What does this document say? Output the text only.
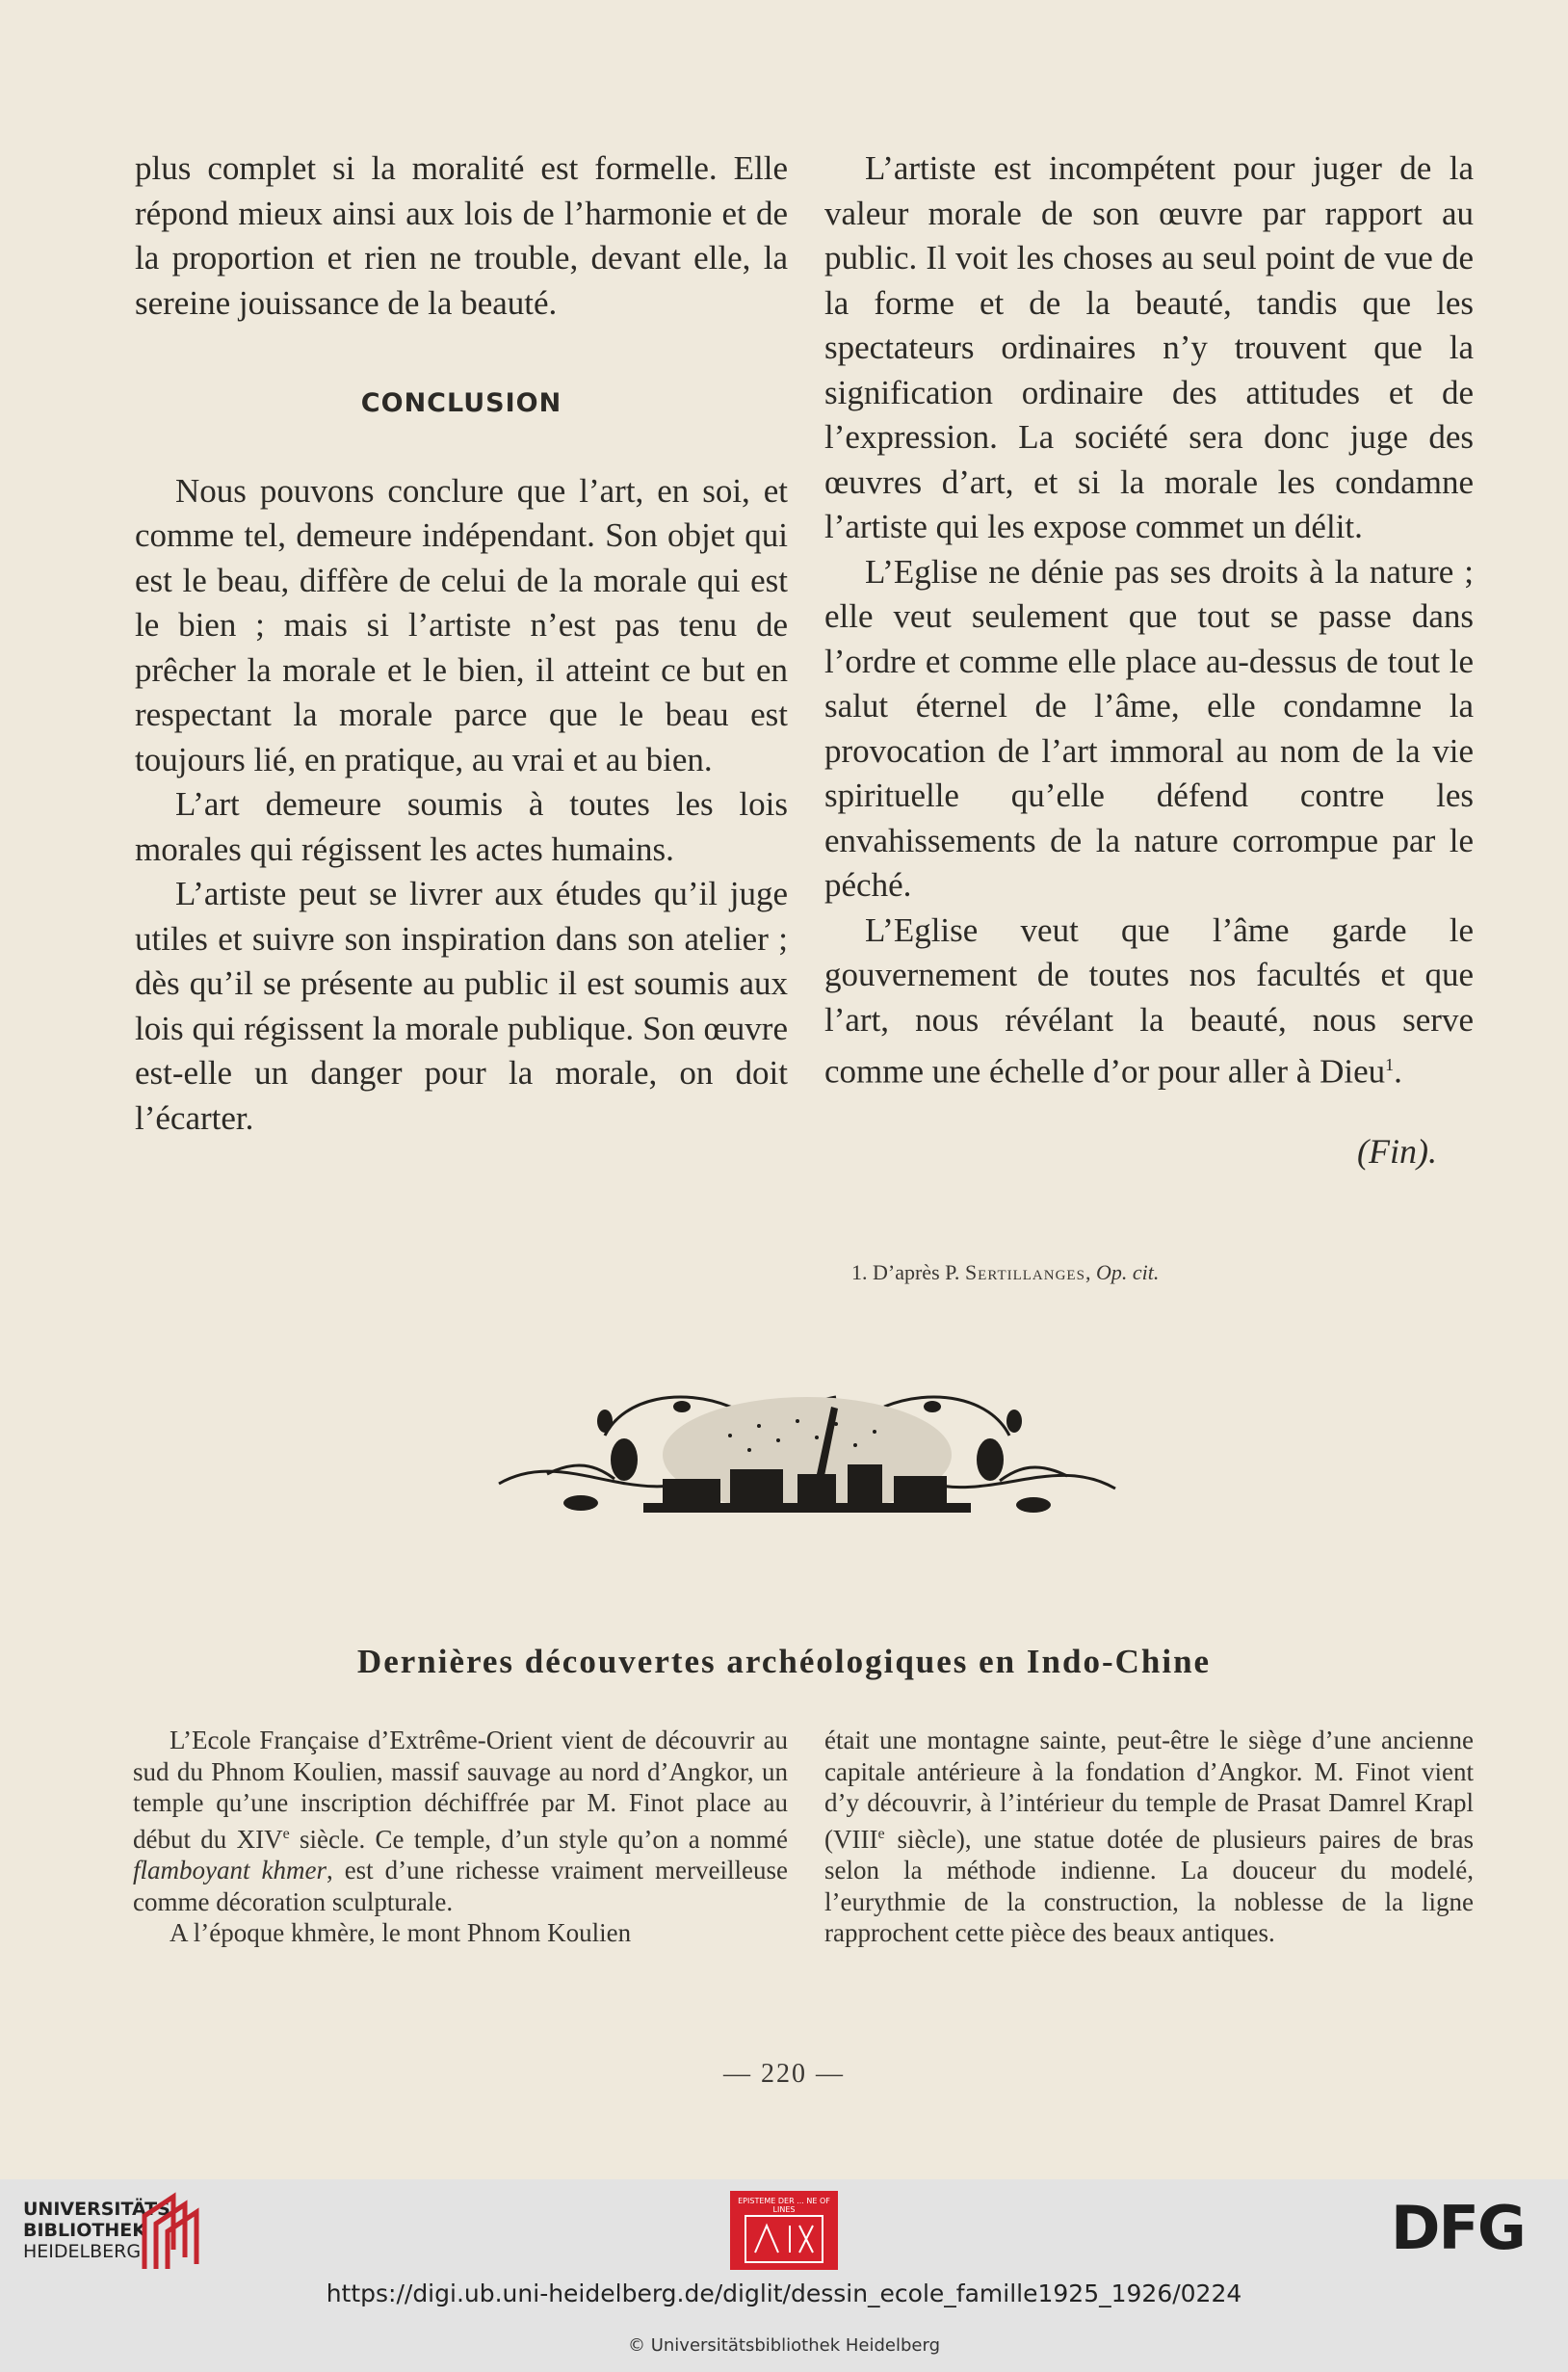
plus complet si la moralité est formelle. Elle répond mieux ainsi aux lois de l’harmonie et de la proportion et rien ne trouble, devant elle, la sereine jouissance de la beauté.

CONCLUSION

Nous pouvons conclure que l’art, en soi, et comme tel, demeure indépendant. Son objet qui est le beau, diffère de celui de la morale qui est le bien ; mais si l’artiste n’est pas tenu de prêcher la morale et le bien, il atteint ce but en respectant la morale parce que le beau est toujours lié, en pratique, au vrai et au bien.

L’art demeure soumis à toutes les lois morales qui régissent les actes humains.

L’artiste peut se livrer aux études qu’il juge utiles et suivre son inspiration dans son atelier ; dès qu’il se présente au public il est soumis aux lois qui régissent la morale publique. Son œuvre est-elle un danger pour la morale, on doit l’écarter.

L’artiste est incompétent pour juger de la valeur morale de son œuvre par rapport au public. Il voit les choses au seul point de vue de la forme et de la beauté, tandis que les spectateurs ordinaires n’y trouvent que la signification ordinaire des attitudes et de l’expression. La société sera donc juge des œuvres d’art, et si la morale les condamne l’artiste qui les expose commet un délit.

L’Eglise ne dénie pas ses droits à la nature ; elle veut seulement que tout se passe dans l’ordre et comme elle place au-dessus de tout le salut éternel de l’âme, elle condamne la provocation de l’art immoral au nom de la vie spirituelle qu’elle défend contre les envahissements de la nature corrompue par le péché.

L’Eglise veut que l’âme garde le gouvernement de toutes nos facultés et que l’art, nous révélant la beauté, nous serve comme une échelle d’or pour aller à Dieu$^1$.

(Fin).

1. D’après P. Sertillanges, Op. cit.
Dernières découvertes archéologiques en Indo-Chine

L’Ecole Française d’Extrême-Orient vient de découvrir au sud du Phnom Koulien, massif sauvage au nord d’Angkor, un temple qu’une inscription déchiffrée par M. Finot place au début du XIVe siècle. Ce temple, d’un style qu’on a nommé flamboyant khmer, est d’une richesse vraiment merveilleuse comme décoration sculpturale.

A l’époque khmère, le mont Phnom Koulien

était une montagne sainte, peut-être le siège d’une ancienne capitale antérieure à la fondation d’Angkor. M. Finot vient d’y découvrir, à l’intérieur du temple de Prasat Damrel Krapl (VIIIe siècle), une statue dotée de plusieurs paires de bras selon la méthode indienne. La douceur du modelé, l’eurythmie de la construction, la noblesse de la ligne rapprochent cette pièce des beaux antiques.

— 220 —
UNIVERSITÄTS-
BIBLIOTHEK
HEIDELBERG
EPISTEME DER ... NE OF LINES	DFG
https://digi.ub.uni-heidelberg.de/diglit/dessin_ecole_famille1925_1926/0224
© Universitätsbibliothek Heidelberg
